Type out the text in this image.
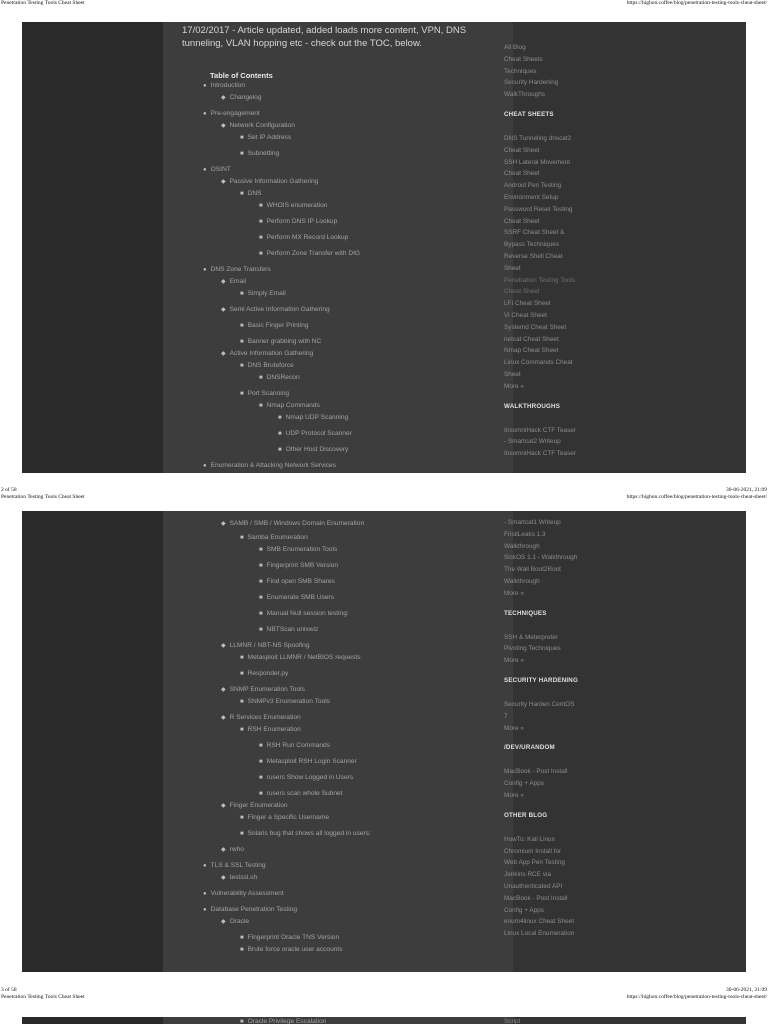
Penetration Testing Tools Cheat Sheet	https://highon.coffee/blog/penetration-testing-tools-cheat-sheet/
2 of 58	30-06-2021, 21:09
Penetration Testing Tools Cheat Sheet	https://highon.coffee/blog/penetration-testing-tools-cheat-sheet/
3 of 58	30-06-2021, 21:09
Penetration Testing Tools Cheat Sheet	https://highon.coffee/blog/penetration-testing-tools-cheat-sheet/
17/02/2017 - Article updated, added loads more content, VPN, DNS tunneling, VLAN hopping etc - check out the TOC, below.
Table of Contents
● Introduction
◆ Changelog
● Pre-engagement
◆ Network Configuration
■ Set IP Address
■ Subnetting
● OSINT
◆ Passive Information Gathering
■ DNS
■ WHOIS enumeration
■ Perform DNS IP Lookup
■ Perform MX Record Lookup
■ Perform Zone Transfer with DIG
● DNS Zone Transfers
◆ Email
■ Simply Email
◆ Semi Active Information Gathering
■ Basic Finger Printing
■ Banner grabbing with NC
◆ Active Information Gathering
■ DNS Bruteforce
■ DNSRecon
■ Port Scanning
■ Nmap Commands
■ Nmap UDP Scanning
■ UDP Protocol Scanner
■ Other Host Discovery
● Enumeration & Attacking Network Services
◆ SAMB / SMB / Windows Domain Enumeration
■ Samba Enumeration
■ SMB Enumeration Tools
■ Fingerprint SMB Version
■ Find open SMB Shares
■ Enumerate SMB Users
■ Manual Null session testing:
■ NBTScan unixwiz
◆ LLMNR / NBT-NS Spoofing
■ Metasploit LLMNR / NetBIOS requests
■ Responder.py
◆ SNMP Enumeration Tools
■ SNMPv3 Enumeration Tools
◆ R Services Enumeration
■ RSH Enumeration
■ RSH Run Commands
■ Metasploit RSH Login Scanner
■ rusers Show Logged in Users
■ rusers scan whole Subnet
◆ Finger Enumeration
■ Finger a Specific Username
■ Solaris bug that shows all logged in users:
◆ rwho
● TLS & SSL Testing
◆ testssl.sh
● Vulnerability Assessment
● Database Penetration Testing
◆ Oracle
■ Fingerprint Oracle TNS Version
■ Brute force oracle user accounts
■ Oracle Privilege Escalation
All Blog
Cheat Sheets
Techniques
Security Hardening
WalkThroughs
CHEAT SHEETS
DNS Tunneling dnscat2
Cheat Sheet
SSH Lateral Movement
Cheat Sheet
Android Pen Testing
Environment Setup
Password Reset Testing
Cheat Sheet
SSRF Cheat Sheet &
Bypass Techniques
Reverse Shell Cheat
Sheet
Penetration Testing Tools
Cheat Sheet
LFI Cheat Sheet
Vi Cheat Sheet
Systemd Cheat Sheet
netcat Cheat Sheet
Nmap Cheat Sheet
Linux Commands Cheat
Sheet
More »
WALKTHROUGHS
InsomniHack CTF Teaser
- Smartcat2 Writeup
InsomniHack CTF Teaser
- Smartcat1 Writeup
FristiLeaks 1.3
Walkthrough
SickOS 1.1 - Walkthrough
The Wall Boot2Root
Walkthrough
More »
TECHNIQUES
SSH & Meterpreter
Pivoting Techniques
More »
SECURITY HARDENING
Security Harden CentOS
7
More »
/DEV/URANDOM
MacBook - Post Install
Config + Apps
More »
OTHER BLOG
HowTo: Kali Linux
Chromium Install for
Web App Pen Testing
Jenkins RCE via
Unauthenticated API
MacBook - Post Install
Config + Apps
enum4linux Cheat Sheet
Linux Local Enumeration
Script
